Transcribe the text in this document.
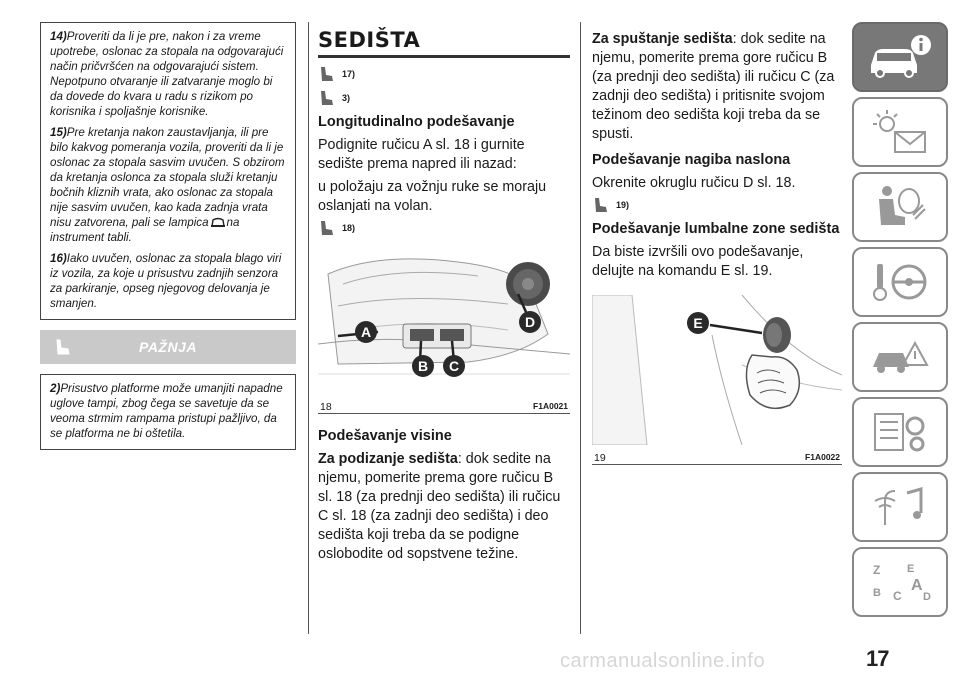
14)Proveriti da li je pre, nakon i za vreme upotrebe, oslonac za stopala na odgovarajući način pričvršćen na odgovarajući sistem. Nepotpuno otvaranje ili zatvaranje moglo bi da dovede do kvara u radu s rizikom po korisnika i spoljašnje korisnike.

15)Pre kretanja nakon zaustavljanja, ili pre bilo kakvog pomeranja vozila, proveriti da li je oslonac za stopala sasvim uvučen. S obzirom da kretanja oslonca za stopala služi kretanju bočnih kliznih vrata, ako oslonac za stopala nije sasvim uvučen, kao kada zadnja vrata nisu zatvorena, pali se lampica na instrument tabli.

16)Iako uvučen, oslonac za stopala blago viri iz vozila, za koje u prisustvu zadnjih senzora za parkiranje, opseg njegovog delovanja je smanjen.

PAŽNJA

2)Prisustvo platforme može umanjiti napadne uglove tampi, zbog čega se savetuje da se veoma strmim rampama pristupi pažljivo, da se platforma ne bi oštetila.

SEDIŠTA
17)
3)
Longitudinalno podešavanje

Podignite ručicu A sl. 18 i gurnite sedište prema napred ili nazad:

u položaju za vožnju ruke se moraju oslanjati na volan.

18)
A
B C
D
18	F1A0021
Podešavanje visine

Za podizanje sedišta: dok sedite na njemu, pomerite prema gore ručicu B sl. 18 (za prednji deo sedišta) ili ručicu C sl. 18 (za zadnji deo sedišta) i deo sedišta koji treba da se podigne oslobodite od sopstvene težine.

Za spuštanje sedišta: dok sedite na njemu, pomerite prema gore ručicu B (za prednji deo sedišta) ili ručicu C (za zadnji deo sedišta) i pritisnite svojom težinom deo sedišta koji treba da se spusti.

Podešavanje nagiba naslona

Okrenite okruglu ručicu D sl. 18.

19)
Podešavanje lumbalne zone sedišta

Da biste izvršili ovo podešavanje, delujte na komandu E sl. 19.

E
19	F1A0022
Z E
B C
A
D
17
carmanualsonline.info
